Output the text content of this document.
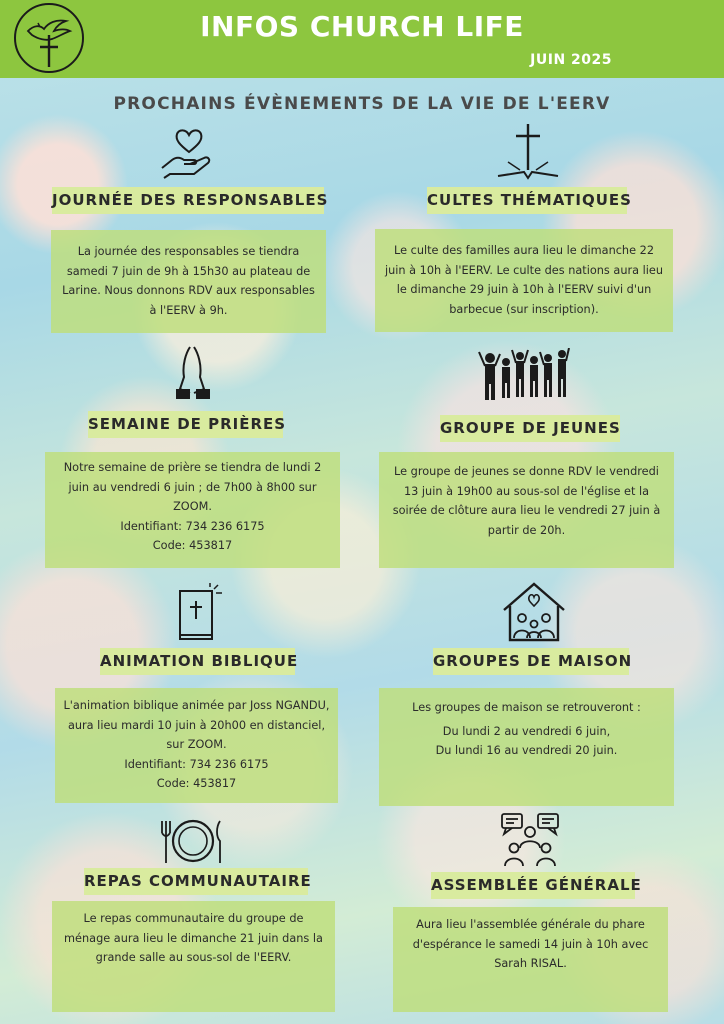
INFOS CHURCH LIFE
JUIN 2025
PROCHAINS ÉVÈNEMENTS DE LA VIE DE L'EERV
JOURNÉE DES RESPONSABLES

La journée des responsables se tiendra samedi 7 juin de 9h à 15h30 au plateau de Larine. Nous donnons RDV aux responsables à l'EERV à 9h.

CULTES THÉMATIQUES

Le culte des familles aura lieu le dimanche 22 juin à 10h à l'EERV. Le culte des nations aura lieu le dimanche 29 juin à 10h à l'EERV suivi d'un barbecue (sur inscription).

SEMAINE DE PRIÈRES

Notre semaine de prière se tiendra de lundi 2 juin au vendredi 6 juin ; de 7h00 à 8h00 sur ZOOM.

Identifiant: 734 236 6175

Code: 453817

GROUPE DE JEUNES

Le groupe de jeunes se donne RDV le vendredi 13 juin à 19h00 au sous-sol de l'église et la soirée de clôture aura lieu le vendredi 27 juin à partir de 20h.

ANIMATION BIBLIQUE

L'animation biblique animée par Joss NGANDU, aura lieu mardi 10 juin à 20h00 en distanciel, sur ZOOM.

Identifiant: 734 236 6175

Code: 453817

GROUPES DE MAISON

Les groupes de maison se retrouveront :

Du lundi 2 au vendredi 6 juin,

Du lundi 16 au vendredi 20 juin.

REPAS COMMUNAUTAIRE

Le repas communautaire du groupe de ménage aura lieu le dimanche 21 juin dans la grande salle au sous-sol de l'EERV.

ASSEMBLÉE GÉNÉRALE

Aura lieu l'assemblée générale du phare d'espérance le samedi 14 juin à 10h avec Sarah RISAL.
